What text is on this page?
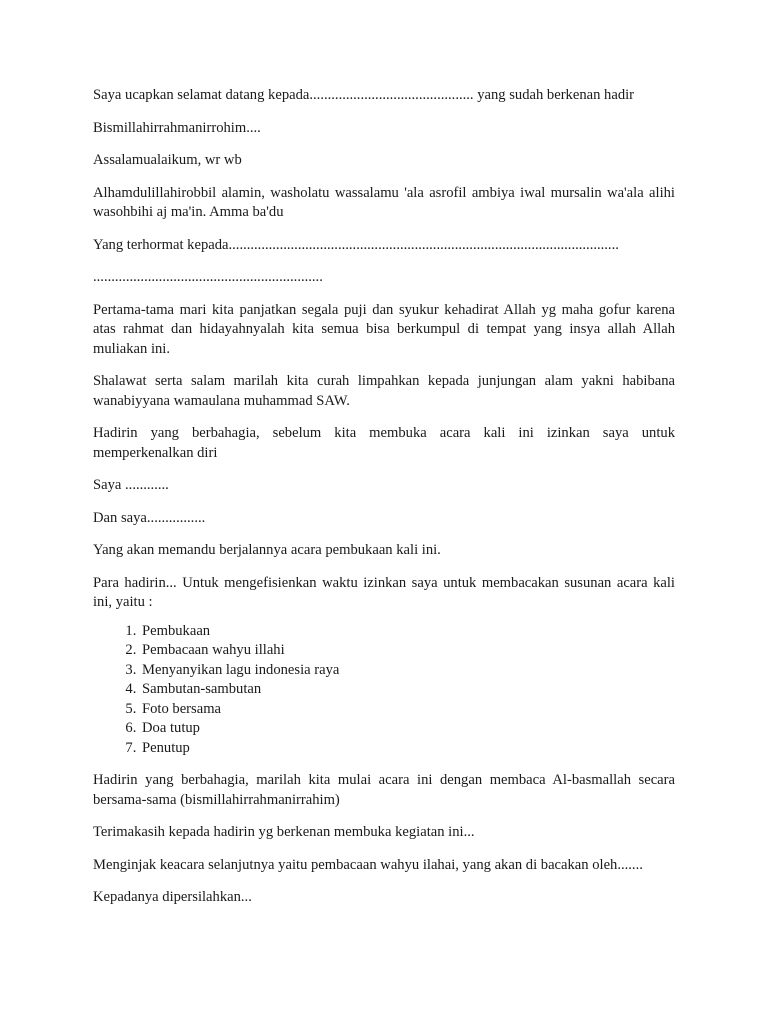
Saya ucapkan selamat datang kepada............................................. yang sudah berkenan hadir

Bismillahirrahmanirrohim....

Assalamualaikum, wr wb

Alhamdulillahirobbil alamin, washolatu wassalamu 'ala asrofil ambiya iwal mursalin wa'ala alihi wasohbihi aj ma'in. Amma ba'du

Yang terhormat kepada...........................................................................................................

...............................................................

Pertama-tama mari kita panjatkan segala puji dan syukur kehadirat Allah yg maha gofur karena atas rahmat dan hidayahnyalah kita semua bisa berkumpul di tempat yang insya allah Allah muliakan ini.

Shalawat serta salam marilah kita curah limpahkan kepada junjungan alam yakni habibana wanabiyyana wamaulana muhammad SAW.

Hadirin yang berbahagia, sebelum kita membuka acara kali ini izinkan saya untuk memperkenalkan diri

Saya ............

Dan saya................

Yang akan memandu berjalannya acara pembukaan kali ini.

Para hadirin... Untuk mengefisienkan waktu izinkan saya untuk membacakan susunan acara kali ini, yaitu :

1. Pembukaan
2. Pembacaan wahyu illahi
3. Menyanyikan lagu indonesia raya
4. Sambutan-sambutan
5. Foto bersama
6. Doa tutup
7. Penutup

Hadirin yang berbahagia, marilah kita mulai acara ini dengan membaca Al-basmallah secara bersama-sama (bismillahirrahmanirrahim)

Terimakasih kepada hadirin yg berkenan membuka kegiatan ini...

Menginjak keacara selanjutnya yaitu pembacaan wahyu ilahai, yang akan di bacakan oleh.......

Kepadanya dipersilahkan...
